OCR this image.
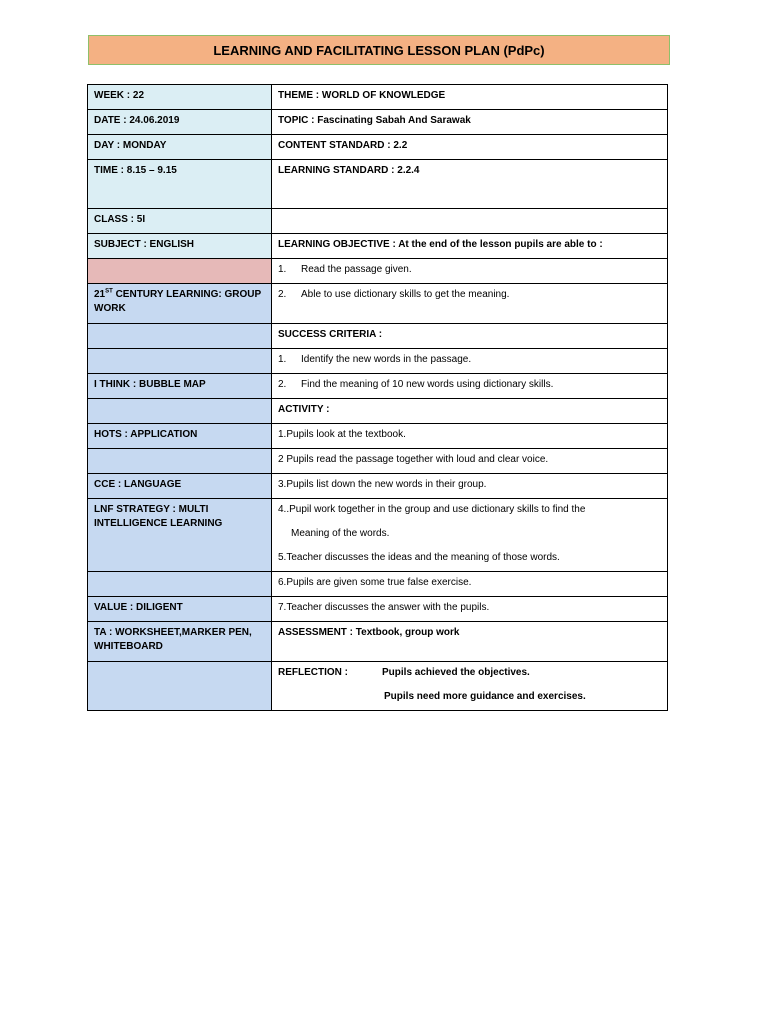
LEARNING AND FACILITATING LESSON PLAN (PdPc)
WEEK : 22	THEME : WORLD OF KNOWLEDGE
DATE : 24.06.2019	TOPIC : Fascinating Sabah And Sarawak
DAY : MONDAY	CONTENT STANDARD : 2.2
TIME : 8.15 – 9.15	LEARNING STANDARD : 2.2.4
CLASS : 5I	
SUBJECT : ENGLISH	LEARNING OBJECTIVE : At the end of the lesson pupils are able to :
	1. Read the passage given.
21ST CENTURY LEARNING: GROUP WORK	2. Able to use dictionary skills to get the meaning.
	SUCCESS CRITERIA :
	1. Identify the new words in the passage.
I THINK : BUBBLE MAP	2. Find the meaning of 10 new words using dictionary skills.
	ACTIVITY :
HOTS : APPLICATION	1.Pupils look at the textbook.
	2 Pupils read the passage together with loud and clear voice.
CCE : LANGUAGE	3.Pupils list down the new words in their group.
LNF STRATEGY : MULTI INTELLIGENCE LEARNING	4..Pupil work together in the group and use dictionary skills to find the
Meaning of the words.
5.Teacher discusses the ideas and the meaning of those words.

	6.Pupils are given some true false exercise.
VALUE : DILIGENT	7.Teacher discusses the answer with the pupils.
TA : WORKSHEET,MARKER PEN, WHITEBOARD	ASSESSMENT : Textbook, group work

	REFLECTION : Pupils achieved the objectives.
Pupils need more guidance and exercises.
